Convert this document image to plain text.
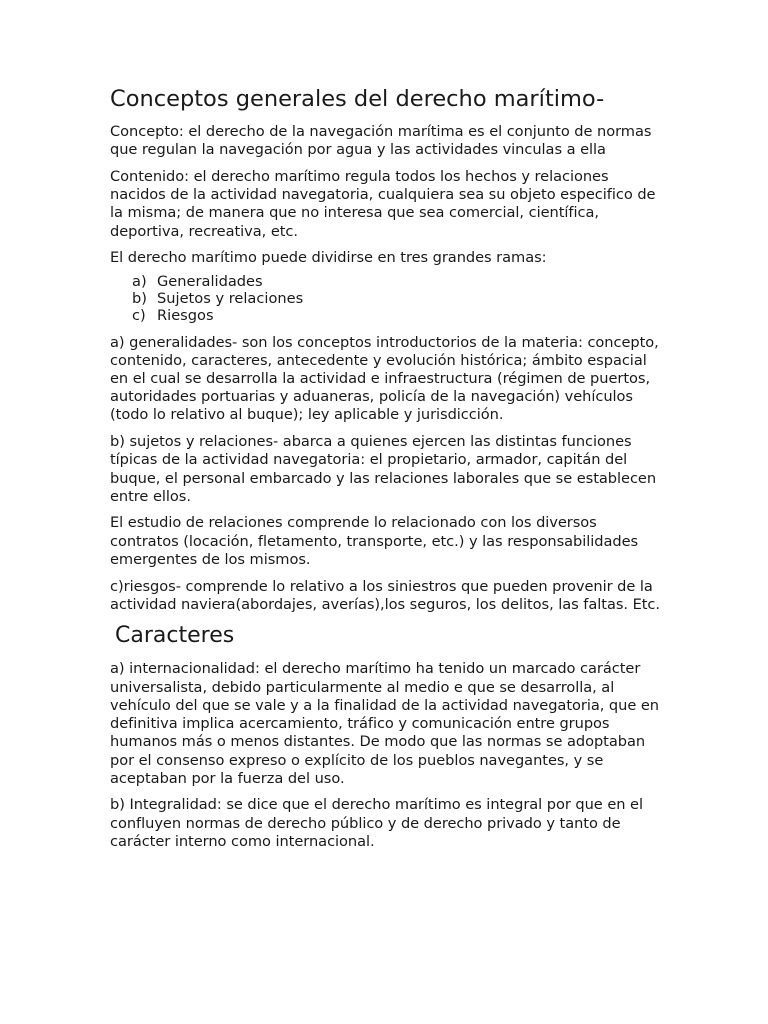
Conceptos generales del derecho marítimo-

Concepto: el derecho de la navegación marítima es el conjunto de normas que regulan la navegación por agua y las actividades vinculas a ella

Contenido: el derecho marítimo regula todos los hechos y relaciones nacidos de la actividad navegatoria, cualquiera sea su objeto especifico de la misma; de manera que no interesa que sea comercial, científica, deportiva, recreativa, etc.

El derecho marítimo puede dividirse en tres grandes ramas:

a) Generalidades
b) Sujetos y relaciones
c) Riesgos

a) generalidades- son los conceptos introductorios de la materia: concepto, contenido, caracteres, antecedente y evolución histórica; ámbito espacial en el cual se desarrolla la actividad e infraestructura (régimen de puertos, autoridades portuarias y aduaneras, policía de la navegación) vehículos (todo lo relativo al buque); ley aplicable y jurisdicción.

b) sujetos y relaciones- abarca a quienes ejercen las distintas funciones típicas de la actividad navegatoria: el propietario, armador, capitán del buque, el personal embarcado y las relaciones laborales que se establecen entre ellos.

El estudio de relaciones comprende lo relacionado con los diversos contratos (locación, fletamento, transporte, etc.) y las responsabilidades emergentes de los mismos.

c)riesgos- comprende lo relativo a los siniestros que pueden provenir de la actividad naviera(abordajes, averías),los seguros, los delitos, las faltas. Etc.

Caracteres

a) internacionalidad: el derecho marítimo ha tenido un marcado carácter universalista, debido particularmente al medio e que se desarrolla, al vehículo del que se vale y a la finalidad de la actividad navegatoria, que en definitiva implica acercamiento, tráfico y comunicación entre grupos humanos más o menos distantes. De modo que las normas se adoptaban por el consenso expreso o explícito de los pueblos navegantes, y se aceptaban por la fuerza del uso.

b) Integralidad: se dice que el derecho marítimo es integral por que en el confluyen normas de derecho público y de derecho privado y tanto de carácter interno como internacional.
